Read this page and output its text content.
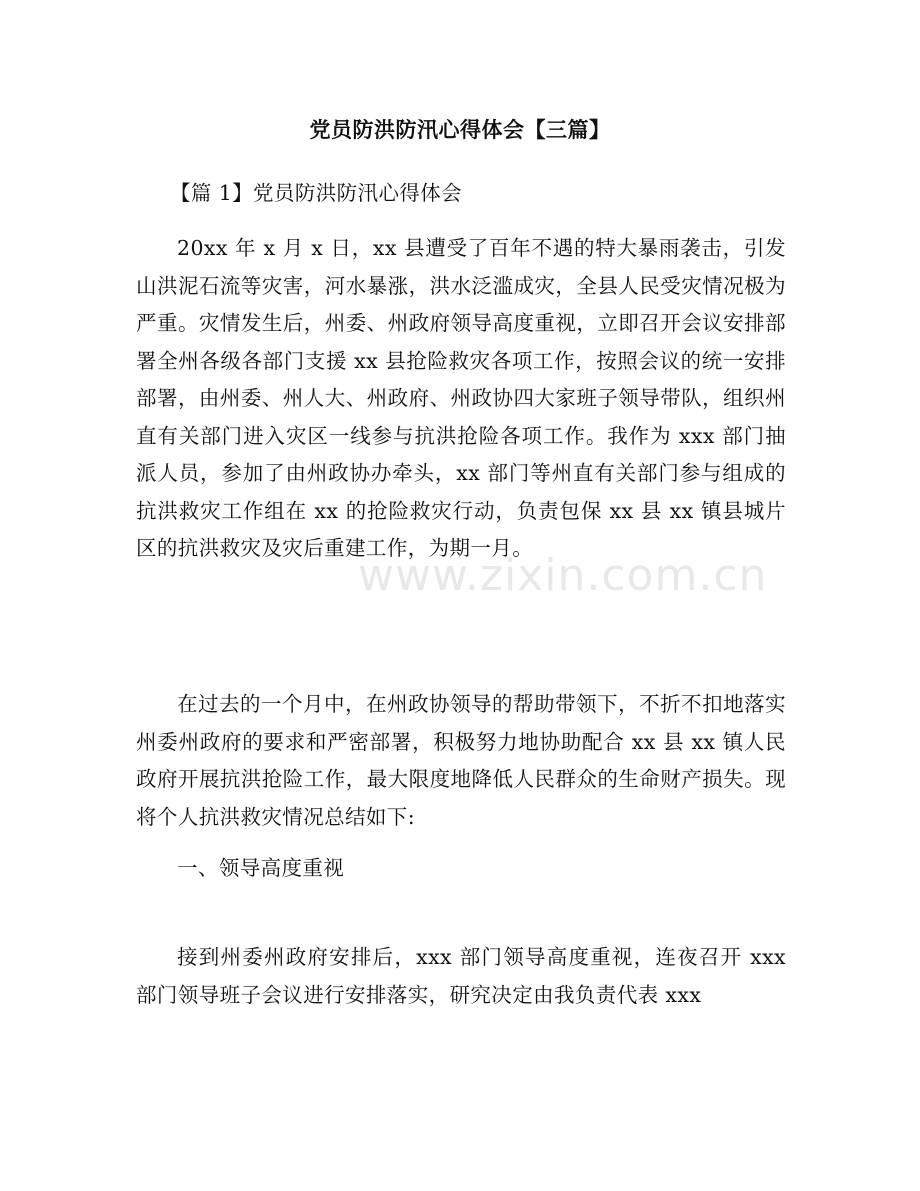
党员防洪防汛心得体会【三篇】

【篇 1】党员防洪防汛心得体会

20xx 年 x 月 x 日，xx 县遭受了百年不遇的特大暴雨袭击，引发山洪泥石流等灾害，河水暴涨，洪水泛滥成灾，全县人民受灾情况极为严重。灾情发生后，州委、州政府领导高度重视，立即召开会议安排部署全州各级各部门支援 xx 县抢险救灾各项工作，按照会议的统一安排部署，由州委、州人大、州政府、州政协四大家班子领导带队，组织州直有关部门进入灾区一线参与抗洪抢险各项工作。我作为 xxx 部门抽派人员，参加了由州政协办牵头，xx 部门等州直有关部门参与组成的抗洪救灾工作组在 xx 的抢险救灾行动，负责包保 xx 县 xx 镇县城片区的抗洪救灾及灾后重建工作，为期一月。

在过去的一个月中，在州政协领导的帮助带领下，不折不扣地落实州委州政府的要求和严密部署，积极努力地协助配合 xx 县 xx 镇人民政府开展抗洪抢险工作，最大限度地降低人民群众的生命财产损失。现将个人抗洪救灾情况总结如下:

一、领导高度重视

接到州委州政府安排后，xxx 部门领导高度重视，连夜召开 xxx 部门领导班子会议进行安排落实，研究决定由我负责代表 xxx

www.zixin.com.cn
